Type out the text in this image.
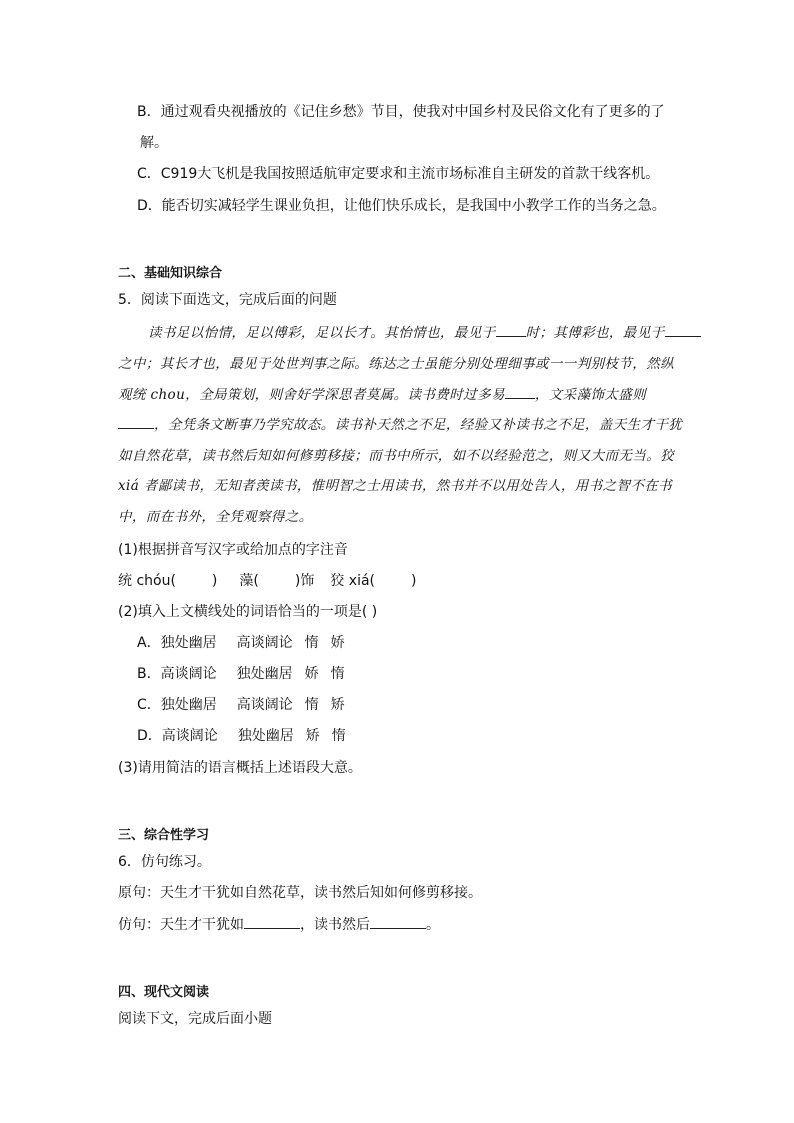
B．通过观看央视播放的《记住乡愁》节目，使我对中国乡村及民俗文化有了更多的了
解。
C．C919大飞机是我国按照适航审定要求和主流市场标准自主研发的首款干线客机。
D．能否切实减轻学生课业负担，让他们快乐成长，是我国中小教学工作的当务之急。
二、基础知识综合
5．阅读下面选文，完成后面的问题
读书足以怡情，足以傅彩，足以长才。其怡情也，最见于 时；其傅彩也，最见于
之中；其长才也，最见于处世判事之际。练达之士虽能分别处理细事或一一判别枝节，然纵
观统 chou，全局策划，则舍好学深思者莫属。读书费时过多易 ，文采藻饰太盛则
，全凭条文断事乃学究故态。读书补天然之不足，经验又补读书之不足，盖天生才干犹
如自然花草，读书然后知如何修剪移接；而书中所示，如不以经验范之，则又大而无当。狡
xiá 者鄙读书，无知者羡读书，惟明智之士用读书，然书并不以用处告人，用书之智不在书
中，而在书外，全凭观察得之。
(1)根据拼音写汉字或给加点的字注音
统 chóu(	) 藻(	)饰 狡 xiá(	)
(2)填入上文横线处的词语恰当的一项是( )
A．独处幽居 高谈阔论 惰 娇
B．高谈阔论 独处幽居 娇 惰
C．独处幽居 高谈阔论 惰 矫
D．高谈阔论 独处幽居 矫 惰
(3)请用简洁的语言概括上述语段大意。
三、综合性学习
6．仿句练习。
原句：天生才干犹如自然花草，读书然后知如何修剪移接。
仿句：天生才干犹如	，读书然后	。
四、现代文阅读
阅读下文，完成后面小题
